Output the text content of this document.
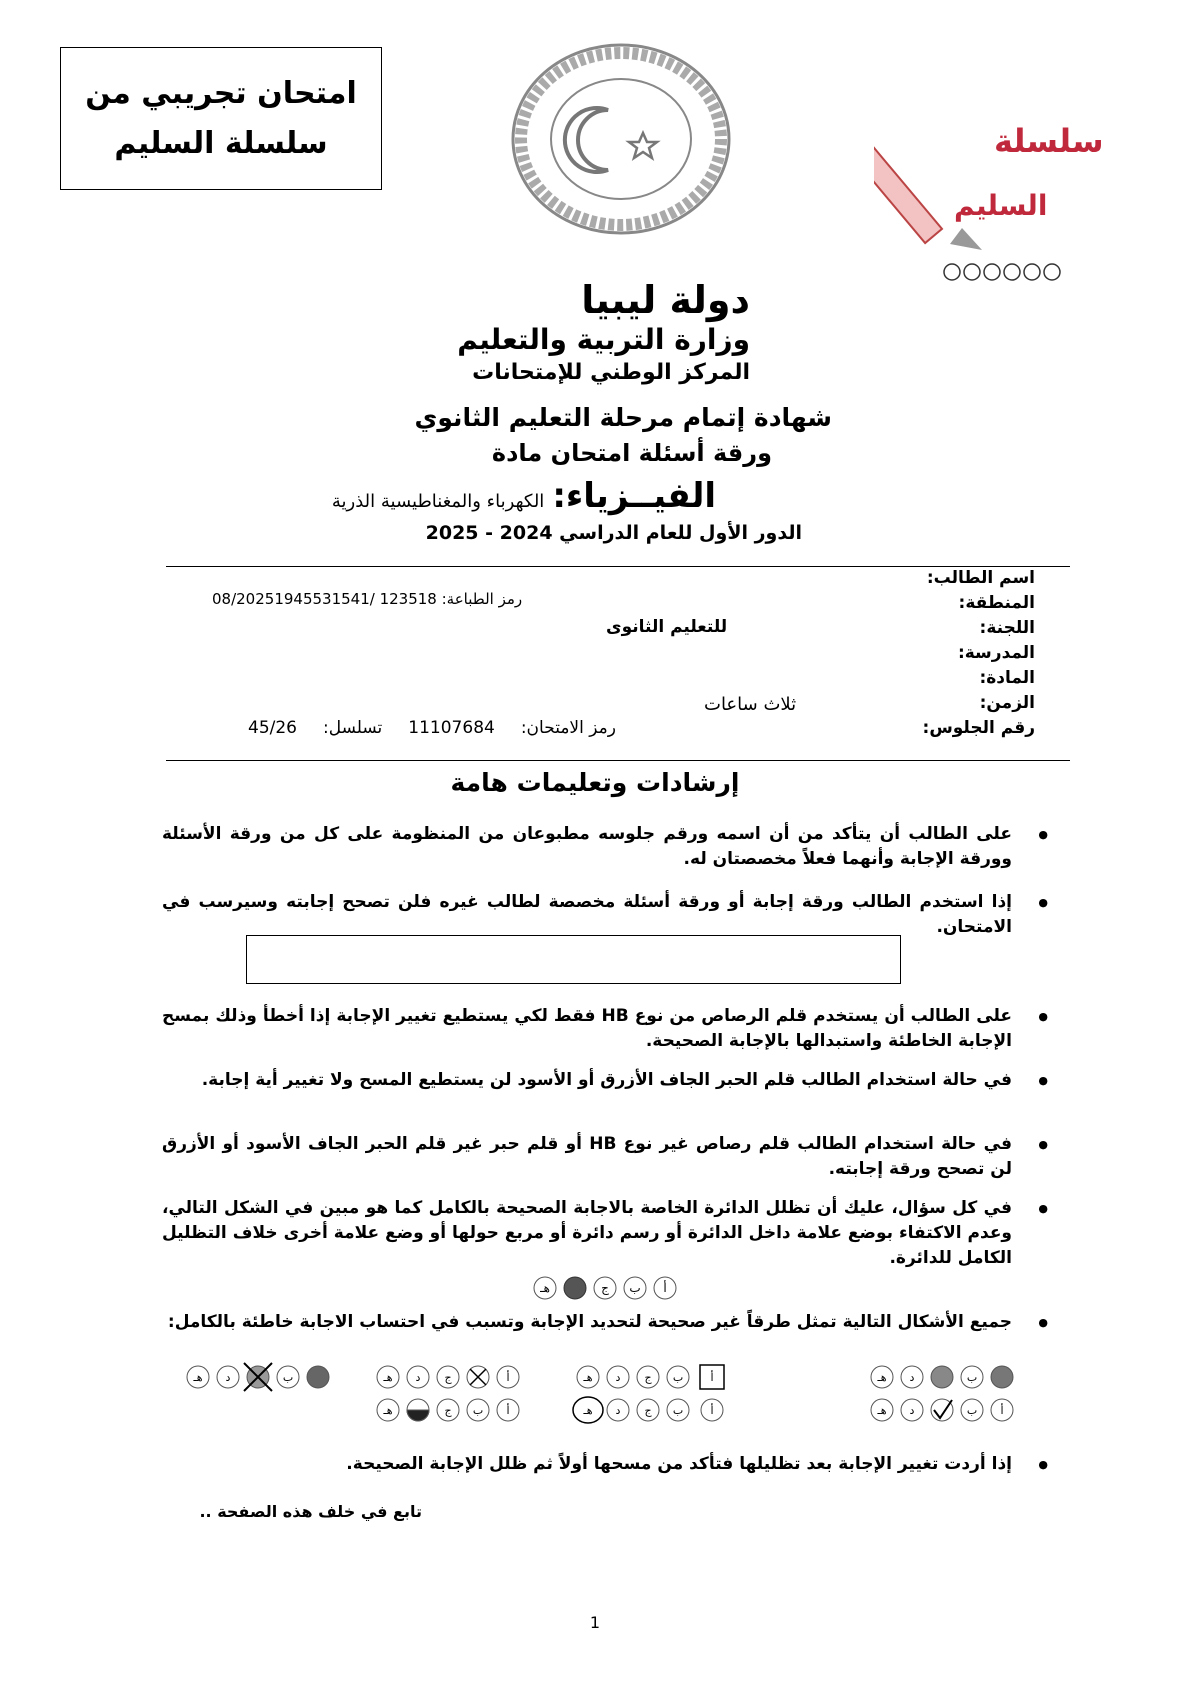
امتحان تجريبي من
سلسلة السليم	سلسلة
السليم
دولة ليبيا
وزارة التربية والتعليم
المركز الوطني للإمتحانات
شهادة إتمام مرحلة التعليم الثانوي
ورقة أسئلة امتحان مادة
الفيــزياء:
الكهرباء والمغناطيسية الذرية
الدور الأول للعام الدراسي 2024 - 2025
اسم الطالب:
المنطقة:
اللجنة:
المدرسة:
المادة:
الزمن:
رقم الجلوس:
رمز الطباعة: 123518 /08/20251945531541
للتعليم الثانوى
ثلاث ساعات
رمز الامتحان:
11107684
تسلسل:
45/26
إرشادات وتعليمات هامة
● على الطالب أن يتأكد من أن اسمه ورقم جلوسه مطبوعان من المنظومة على كل من ورقة الأسئلة وورقة الإجابة وأنهما فعلاً مخصصتان له.
● إذا استخدم الطالب ورقة إجابة أو ورقة أسئلة مخصصة لطالب غيره فلن تصحح إجابته وسيرسب في الامتحان.
● على الطالب أن يستخدم قلم الرصاص من نوع HB فقط لكي يستطيع تغيير الإجابة إذا أخطأ وذلك بمسح الإجابة الخاطئة واستبدالها بالإجابة الصحيحة.
● في حالة استخدام الطالب قلم الحبر الجاف الأزرق أو الأسود لن يستطيع المسح ولا تغيير أية إجابة.
● في حالة استخدام الطالب قلم رصاص غير نوع HB أو قلم حبر غير قلم الحبر الجاف الأسود أو الأزرق لن تصحح ورقة إجابته.
● في كل سؤال، عليك أن تظلل الدائرة الخاصة بالاجابة الصحيحة بالكامل كما هو مبين في الشكل التالي، وعدم الاكتفاء بوضع علامة داخل الدائرة أو رسم دائرة أو مربع حولها أو وضع علامة أخرى خلاف التظليل الكامل للدائرة.
● جميع الأشكال التالية تمثل طرقاً غير صحيحة لتحديد الإجابة وتسبب في احتساب الاجابة خاطئة بالكامل:
● إذا أردت تغيير الإجابة بعد تظليلها فتأكد من مسحها أولاً ثم ظلل الإجابة الصحيحة.
أ
ب
ج
هـ
ب
د
هـ
أ
ب
د
هـ
أ
ب
ج
د
هـ
أ
ب
ج
د
هـ
أ
ج
د
هـ
أ
ب
ج
هـ
ب
د
هـ
تابع في خلف هذه الصفحة ..
1
